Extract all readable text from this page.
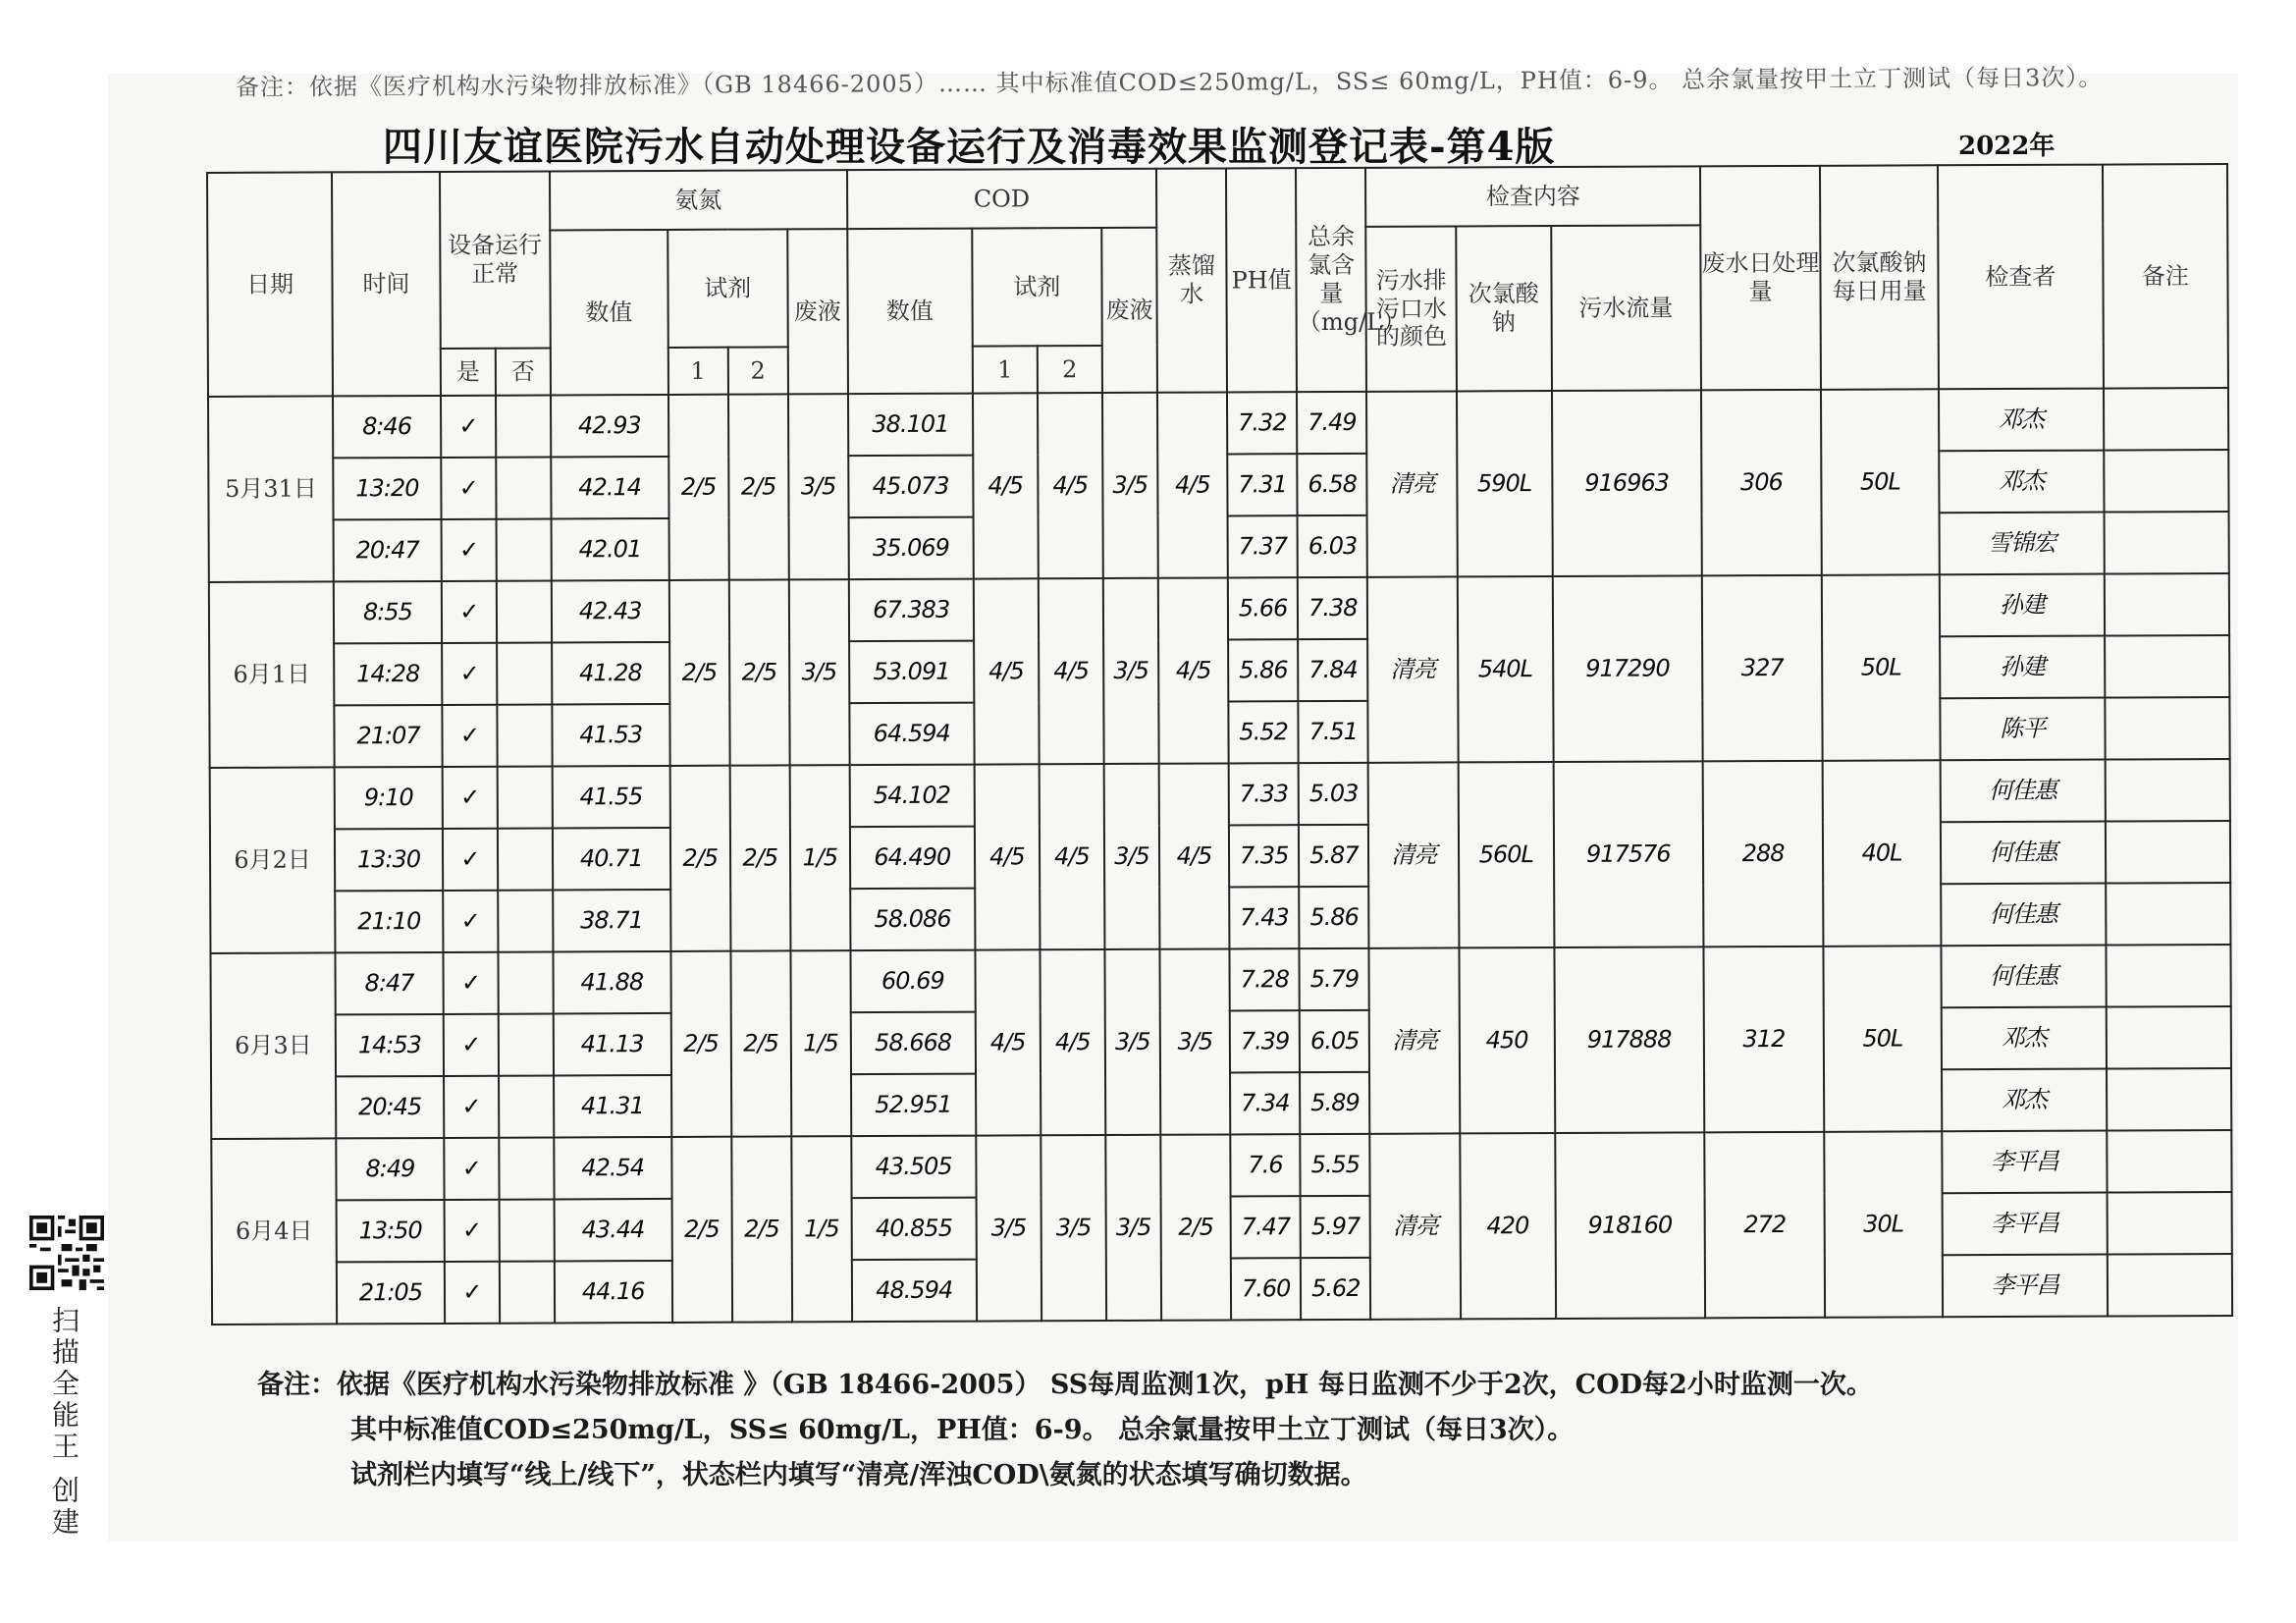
备注：依据《医疗机构水污染物排放标准》（GB 18466-2005）…… 其中标准值COD≤250mg/L，SS≤ 60mg/L，PH值：6-9。 总余氯量按甲土立丁测试（每日3次）。
四川友谊医院污水自动处理设备运行及消毒效果监测登记表-第4版	2022年
日期	时间	设备运行正常		氨氮				COD				蒸馏水	PH值	总余氯含量（mg/L）	检查内容			废水日处理量	次氯酸钠每日用量	检查者	备注
				数值	试剂		废液	数值	试剂		废液				污水排污口水的颜色	次氯酸钠	污水流量				
		是	否		1	2			1	2											
5月31日	8:46	✓		42.93	2/5	2/5	3/5	38.101	4/5	4/5	3/5	4/5	7.32	7.49	清亮	590L	916963	306	50L	邓杰	
	13:20	✓		42.14				45.073					7.31	6.58						邓杰	
	20:47	✓		42.01				35.069					7.37	6.03						雪锦宏	
6月1日	8:55	✓		42.43	2/5	2/5	3/5	67.383	4/5	4/5	3/5	4/5	5.66	7.38	清亮	540L	917290	327	50L	孙建	
	14:28	✓		41.28				53.091					5.86	7.84						孙建	
	21:07	✓		41.53				64.594					5.52	7.51						陈平	
6月2日	9:10	✓		41.55	2/5	2/5	1/5	54.102	4/5	4/5	3/5	4/5	7.33	5.03	清亮	560L	917576	288	40L	何佳惠	
	13:30	✓		40.71				64.490					7.35	5.87						何佳惠	
	21:10	✓		38.71				58.086					7.43	5.86						何佳惠	
6月3日	8:47	✓		41.88	2/5	2/5	1/5	60.69	4/5	4/5	3/5	3/5	7.28	5.79	清亮	450	917888	312	50L	何佳惠	
	14:53	✓		41.13				58.668					7.39	6.05						邓杰	
	20:45	✓		41.31				52.951					7.34	5.89						邓杰	
6月4日	8:49	✓		42.54	2/5	2/5	1/5	43.505	3/5	3/5	3/5	2/5	7.6	5.55	清亮	420	918160	272	30L	李平昌	
	13:50	✓		43.44				40.855					7.47	5.97						李平昌	
	21:05	✓		44.16				48.594					7.60	5.62						李平昌	
备注：依据《医疗机构水污染物排放标准 》（GB 18466-2005） SS每周监测1次，pH 每日监测不少于2次，COD每2小时监测一次。

其中标准值COD≤250mg/L，SS≤ 60mg/L，PH值：6-9。 总余氯量按甲土立丁测试（每日3次）。
试剂栏内填写“线上/线下”，状态栏内填写“清亮/浑浊COD\氨氮的状态填写确切数据。
扫描全能王 创建
